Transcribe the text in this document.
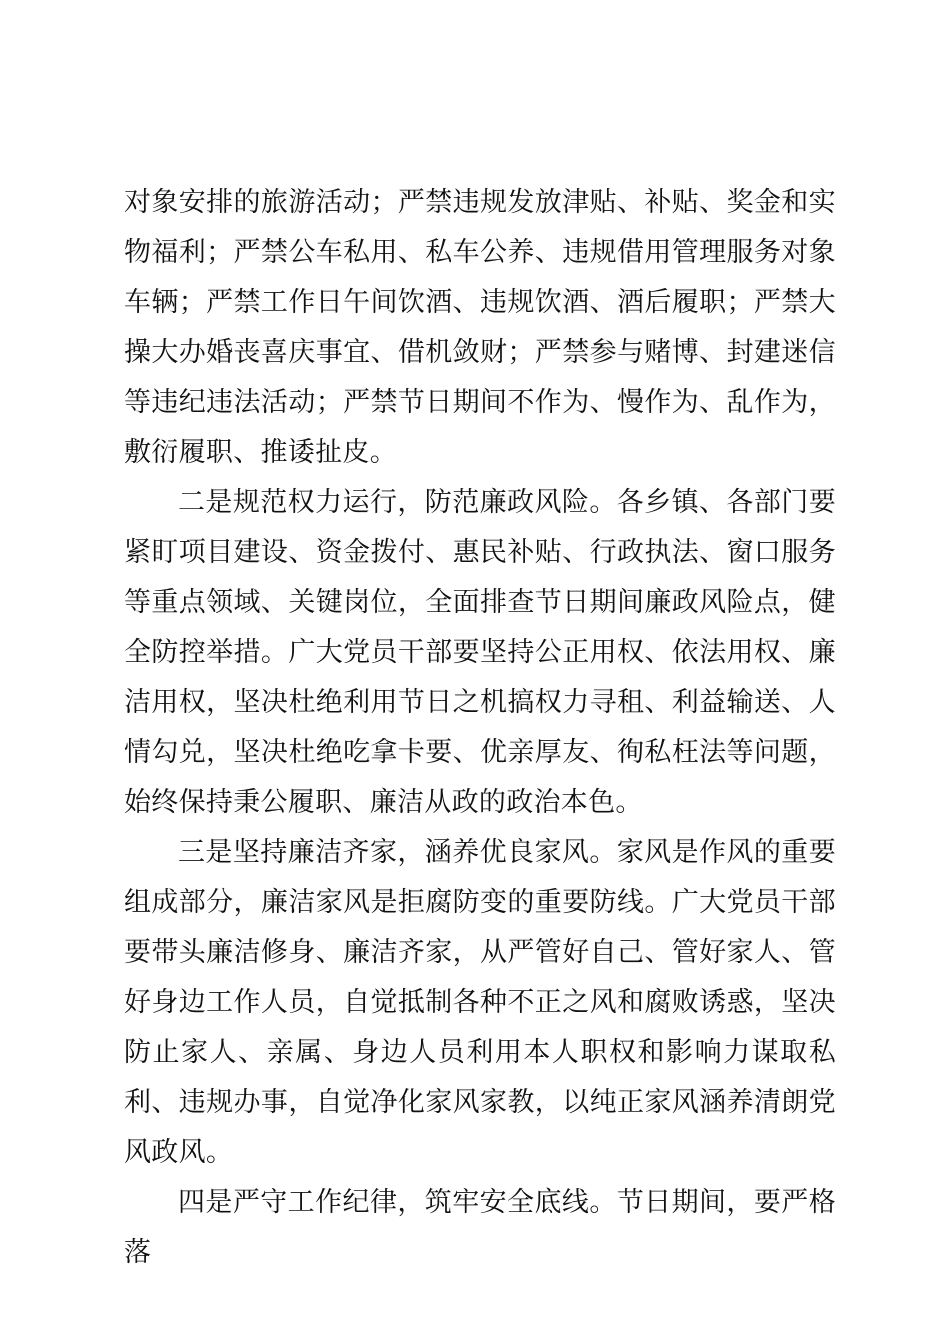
对象安排的旅游活动；严禁违规发放津贴、补贴、奖金和实物福利；严禁公车私用、私车公养、违规借用管理服务对象车辆；严禁工作日午间饮酒、违规饮酒、酒后履职；严禁大操大办婚丧喜庆事宜、借机敛财；严禁参与赌博、封建迷信等违纪违法活动；严禁节日期间不作为、慢作为、乱作为，敷衍履职、推诿扯皮。

二是规范权力运行，防范廉政风险。各乡镇、各部门要紧盯项目建设、资金拨付、惠民补贴、行政执法、窗口服务等重点领域、关键岗位，全面排查节日期间廉政风险点，健全防控举措。广大党员干部要坚持公正用权、依法用权、廉洁用权，坚决杜绝利用节日之机搞权力寻租、利益输送、人情勾兑，坚决杜绝吃拿卡要、优亲厚友、徇私枉法等问题，始终保持秉公履职、廉洁从政的政治本色。

三是坚持廉洁齐家，涵养优良家风。家风是作风的重要组成部分，廉洁家风是拒腐防变的重要防线。广大党员干部要带头廉洁修身、廉洁齐家，从严管好自己、管好家人、管好身边工作人员，自觉抵制各种不正之风和腐败诱惑，坚决防止家人、亲属、身边人员利用本人职权和影响力谋取私利、违规办事，自觉净化家风家教，以纯正家风涵养清朗党风政风。

四是严守工作纪律，筑牢安全底线。节日期间，要严格落
